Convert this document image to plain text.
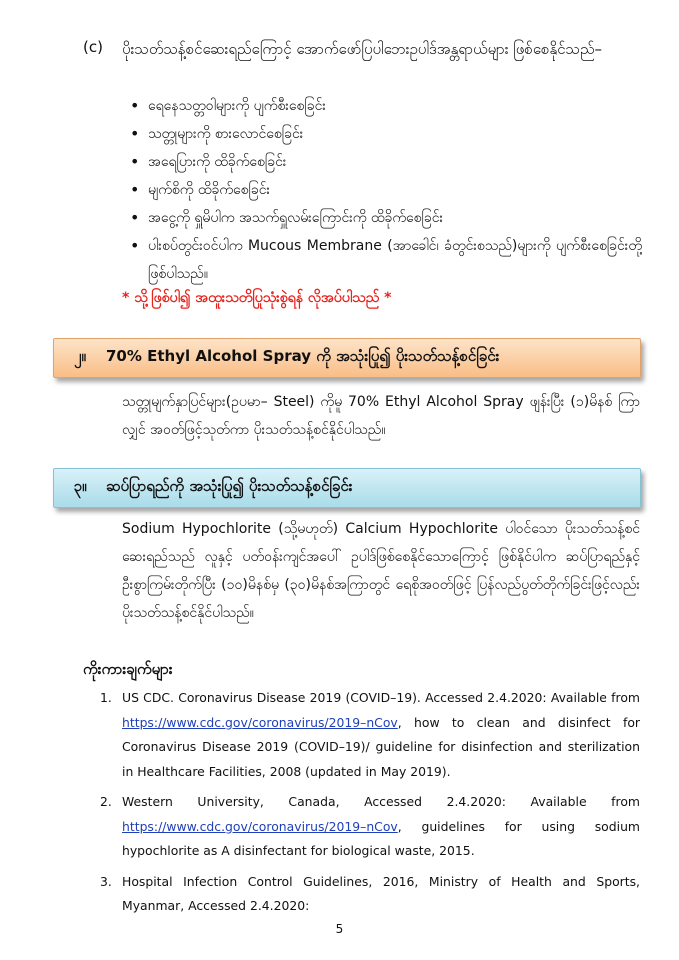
(c) ပိုးသတ်သန့်စင်ဆေးရည်ကြောင့် အောက်ဖော်ပြပါဘေးဥပါဒ်အန္တရာယ်များ ဖြစ်စေနိုင်သည်–
• ရေနေသတ္တဝါများကို ပျက်စီးစေခြင်း
• သတ္တုများကို စားလောင်စေခြင်း
• အရေပြားကို ထိခိုက်စေခြင်း
• မျက်စိကို ထိခိုက်စေခြင်း
• အငွေ့ကို ရှူမိပါက အသက်ရှူလမ်းကြောင်းကို ထိခိုက်စေခြင်း
• ပါးစပ်တွင်းဝင်ပါက Mucous Membrane (အာခေါင်၊ ခံတွင်းစသည်)များကို ပျက်စီးစေခြင်းတို့ဖြစ်ပါသည်။
* သို့ဖြစ်ပါ၍ အထူးသတိပြုသုံးစွဲရန် လိုအပ်ပါသည် *
၂။	70% Ethyl Alcohol Spray ကို အသုံးပြု၍ ပိုးသတ်သန့်စင်ခြင်း
သတ္တုမျက်နှာပြင်များ(ဥပမာ– Steel) ကိုမူ 70% Ethyl Alcohol Spray ဖျန်းပြီး (၁)မိနစ် ကြာလျှင် အဝတ်ဖြင့်သုတ်ကာ ပိုးသတ်သန့်စင်နိုင်ပါသည်။
၃။	ဆပ်ပြာရည်ကို အသုံးပြု၍ ပိုးသတ်သန့်စင်ခြင်း
Sodium Hypochlorite (သို့မဟုတ်) Calcium Hypochlorite ပါဝင်သော ပိုးသတ်သန့်စင်ဆေးရည်သည် လူနှင့် ပတ်ဝန်းကျင်အပေါ် ဥပါဒ်ဖြစ်စေနိုင်သောကြောင့် ဖြစ်နိုင်ပါက ဆပ်ပြာရည်နှင့် ဦးစွာကြမ်းတိုက်ပြီး (၁၀)မိနစ်မှ (၃၀)မိနစ်အကြာတွင် ရေစိုအဝတ်ဖြင့် ပြန်လည်ပွတ်တိုက်ခြင်းဖြင့်လည်း ပိုးသတ်သန့်စင်နိုင်ပါသည်။
ကိုးကားချက်များ
1. US CDC. Coronavirus Disease 2019 (COVID–19). Accessed 2.4.2020: Available from https://www.cdc.gov/coronavirus/2019–nCov, how to clean and disinfect for Coronavirus Disease 2019 (COVID–19)/ guideline for disinfection and sterilization in Healthcare Facilities, 2008 (updated in May 2019).
2. Western University, Canada, Accessed 2.4.2020: Available from https://www.cdc.gov/coronavirus/2019–nCov, guidelines for using sodium hypochlorite as A disinfectant for biological waste, 2015.
3. Hospital Infection Control Guidelines, 2016, Ministry of Health and Sports, Myanmar, Accessed 2.4.2020:
5
